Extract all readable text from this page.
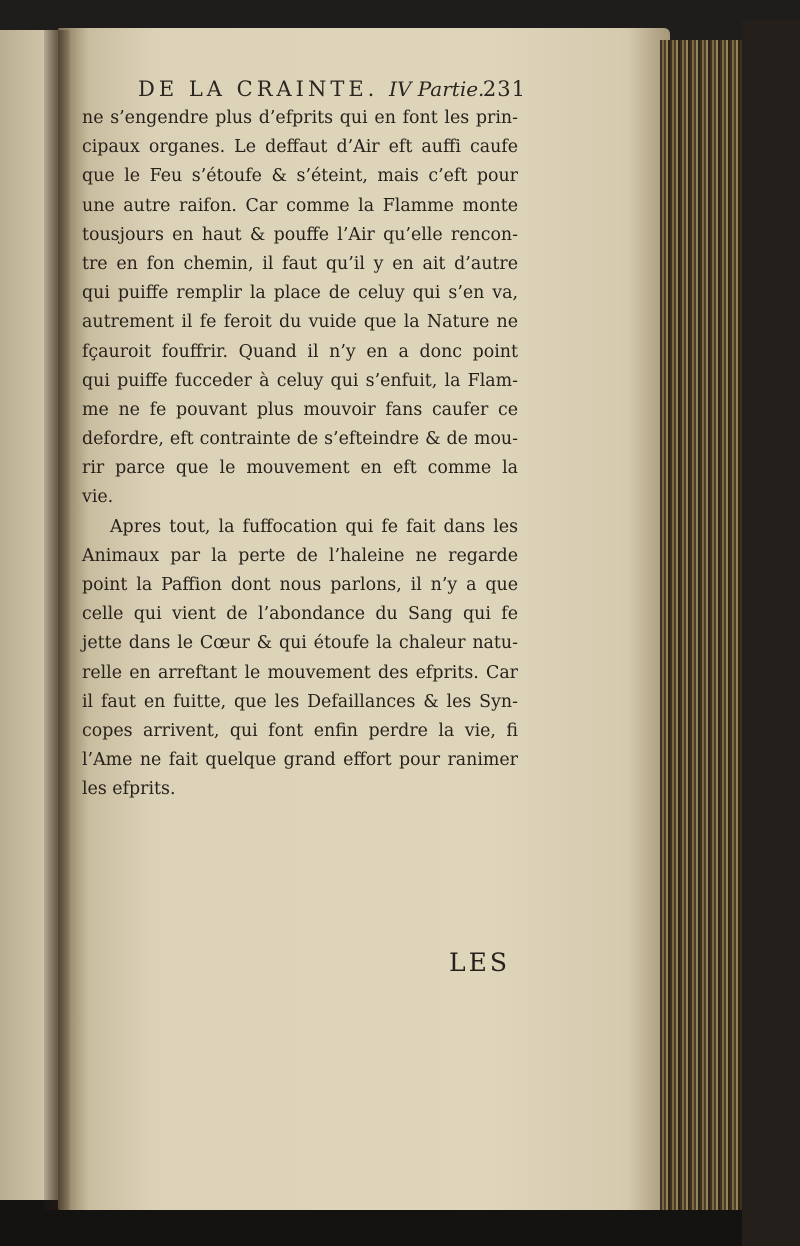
DE LA CRAINTE. IV Partie.
231
ne s’engendre plus d’efprits qui en font les prin-
cipaux organes. Le deffaut d’Air eft auffi caufe
que le Feu s’étoufe & s’éteint, mais c’eft pour
une autre raifon. Car comme la Flamme monte
tousjours en haut & pouffe l’Air qu’elle rencon-
tre en fon chemin, il faut qu’il y en ait d’autre
qui puiffe remplir la place de celuy qui s’en va,
autrement il fe feroit du vuide que la Nature ne
fçauroit fouffrir. Quand il n’y en a donc point
qui puiffe fucceder à celuy qui s’enfuit, la Flam-
me ne fe pouvant plus mouvoir fans caufer ce
defordre, eft contrainte de s’efteindre & de mou-
rir parce que le mouvement en eft comme la
vie.
Apres tout, la fuffocation qui fe fait dans les
Animaux par la perte de l’haleine ne regarde
point la Paffion dont nous parlons, il n’y a que
celle qui vient de l’abondance du Sang qui fe
jette dans le Cœur & qui étoufe la chaleur natu-
relle en arreftant le mouvement des efprits. Car
il faut en fuitte, que les Defaillances & les Syn-
copes arrivent, qui font enfin perdre la vie, fi
l’Ame ne fait quelque grand effort pour ranimer
les efprits.
LES
